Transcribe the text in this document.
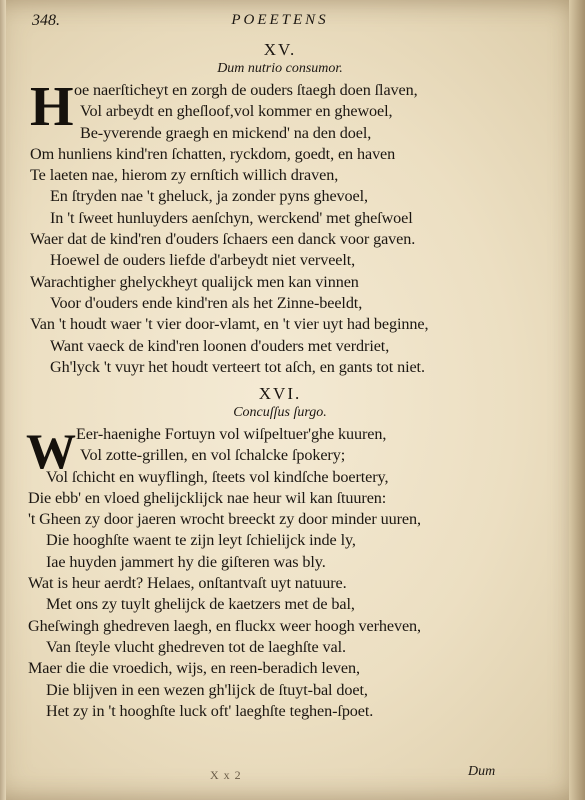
348.	POEETENS
XV.
Dum nutrio consumor.
H oe naerſticheyt en zorgh de ouders ſtaegh doen ſlaven,
Vol arbeydt en gheſloof,vol kommer en ghewoel,
Be-yverende graegh en mickend' na den doel,
Om hunliens kind'ren ſchatten, ryckdom, goedt, en haven
Te laeten nae, hierom zy ernſtich willich draven,
En ſtryden nae 't gheluck, ja zonder pyns ghevoel,
In 't ſweet hunluyders aenſchyn, werckend' met gheſwoel
Waer dat de kind'ren d'ouders ſchaers een danck voor gaven.
Hoewel de ouders liefde d'arbeydt niet verveelt,
Warachtigher ghelyckheyt qualijck men kan vinnen
Voor d'ouders ende kind'ren als het Zinne-beeldt,
Van 't houdt waer 't vier door-vlamt, en 't vier uyt had beginne,
Want vaeck de kind'ren loonen d'ouders met verdriet,
Gh'lyck 't vuyr het houdt verteert tot aſch, en gants tot niet.
XVI.
Concuſſus ſurgo.
W Eer-haenighe Fortuyn vol wiſpeltuer'ghe kuuren,
Vol zotte-grillen, en vol ſchalcke ſpokery;
Vol ſchicht en wuyflingh, ſteets vol kindſche boertery,
Die ebb' en vloed ghelijcklijck nae heur wil kan ſtuuren:
't Gheen zy door jaeren wrocht breeckt zy door minder uuren,
Die hooghſte waent te zijn leyt ſchielijck inde ly,
Iae huyden jammert hy die giſteren was bly.
Wat is heur aerdt? Helaes, onſtantvaſt uyt natuure.
Met ons zy tuylt ghelijck de kaetzers met de bal,
Gheſwingh ghedreven laegh, en fluckx weer hoogh verheven,
Van ſteyle vlucht ghedreven tot de laeghſte val.
Maer die die vroedich, wijs, en reen-beradich leven,
Die blijven in een wezen gh'lijck de ſtuyt-bal doet,
Het zy in 't hooghſte luck oft' laeghſte teghen-ſpoet.
X x 2	Dum
